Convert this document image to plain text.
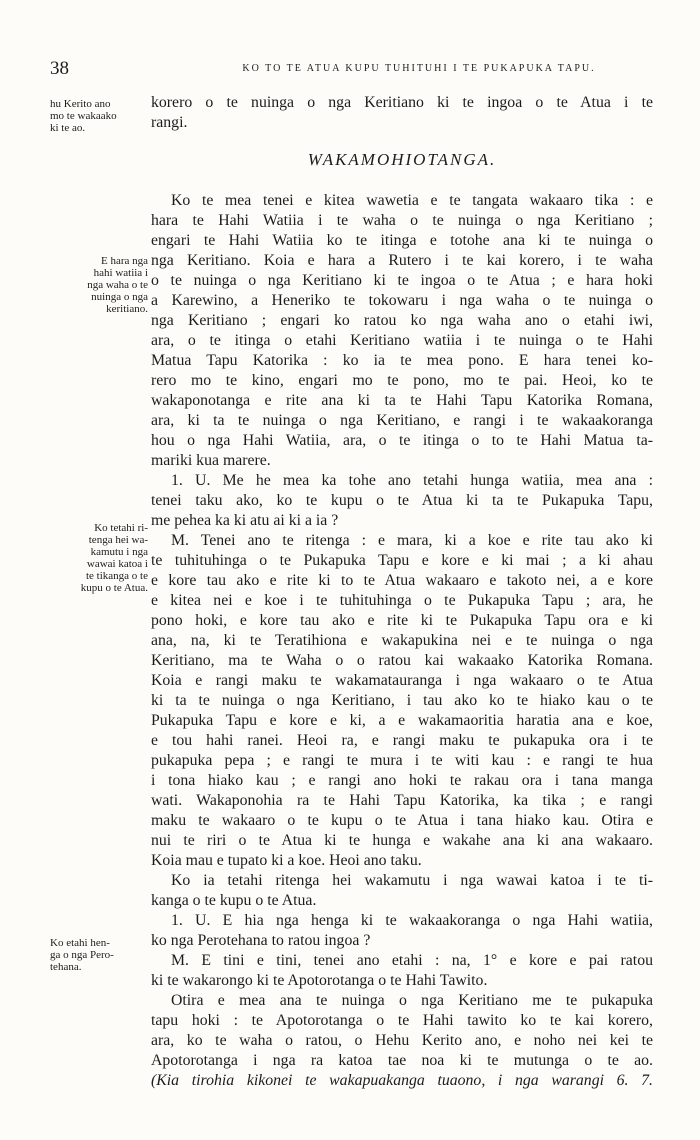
38	KO TO TE ATUA KUPU TUHITUHI I TE PUKAPUKA TAPU.
hu Kerito ano
mo te wakaako
ki te ao.
E hara nga
hahi watiia i
nga waha o te
nuinga o nga
keritiano.
Ko tetahi ri-
tenga hei wa-
kamutu i nga
wawai katoa i
te tikanga o te
kupu o te Atua.
Ko etahi hen-
ga o nga Pero-
tehana.
korero o te nuinga o nga Keritiano ki te ingoa o te Atua i te
rangi.
WAKAMOHIOTANGA.
Ko te mea tenei e kitea wawetia e te tangata wakaaro tika : e
hara te Hahi Watiia i te waha o te nuinga o nga Keritiano ;
engari te Hahi Watiia ko te itinga e totohe ana ki te nuinga o
nga Keritiano. Koia e hara a Rutero i te kai korero, i te waha
o te nuinga o nga Keritiano ki te ingoa o te Atua ; e hara hoki
a Karewino, a Heneriko te tokowaru i nga waha o te nuinga o
nga Keritiano ; engari ko ratou ko nga waha ano o etahi iwi,
ara, o te itinga o etahi Keritiano watiia i te nuinga o te Hahi
Matua Tapu Katorika : ko ia te mea pono. E hara tenei ko-
rero mo te kino, engari mo te pono, mo te pai. Heoi, ko te
wakaponotanga e rite ana ki ta te Hahi Tapu Katorika Romana,
ara, ki ta te nuinga o nga Keritiano, e rangi i te wakaakoranga
hou o nga Hahi Watiia, ara, o te itinga o to te Hahi Matua ta-
mariki kua marere.
1. U. Me he mea ka tohe ano tetahi hunga watiia, mea ana :
tenei taku ako, ko te kupu o te Atua ki ta te Pukapuka Tapu,
me pehea ka ki atu ai ki a ia ?
M. Tenei ano te ritenga : e mara, ki a koe e rite tau ako ki
te tuhituhinga o te Pukapuka Tapu e kore e ki mai ; a ki ahau
e kore tau ako e rite ki to te Atua wakaaro e takoto nei, a e kore
e kitea nei e koe i te tuhituhinga o te Pukapuka Tapu ; ara, he
pono hoki, e kore tau ako e rite ki te Pukapuka Tapu ora e ki
ana, na, ki te Teratihiona e wakapukina nei e te nuinga o nga
Keritiano, ma te Waha o o ratou kai wakaako Katorika Romana.
Koia e rangi maku te wakamatauranga i nga wakaaro o te Atua
ki ta te nuinga o nga Keritiano, i tau ako ko te hiako kau o te
Pukapuka Tapu e kore e ki, a e wakamaoritia haratia ana e koe,
e tou hahi ranei. Heoi ra, e rangi maku te pukapuka ora i te
pukapuka pepa ; e rangi te mura i te witi kau : e rangi te hua
i tona hiako kau ; e rangi ano hoki te rakau ora i tana manga
wati. Wakaponohia ra te Hahi Tapu Katorika, ka tika ; e rangi
maku te wakaaro o te kupu o te Atua i tana hiako kau. Otira e
nui te riri o te Atua ki te hunga e wakahe ana ki ana wakaaro.
Koia mau e tupato ki a koe. Heoi ano taku.
Ko ia tetahi ritenga hei wakamutu i nga wawai katoa i te ti-
kanga o te kupu o te Atua.
1. U. E hia nga henga ki te wakaakoranga o nga Hahi watiia,
ko nga Perotehana to ratou ingoa ?
M. E tini e tini, tenei ano etahi : na, 1° e kore e pai ratou
ki te wakarongo ki te Apotorotanga o te Hahi Tawito.
Otira e mea ana te nuinga o nga Keritiano me te pukapuka
tapu hoki : te Apotorotanga o te Hahi tawito ko te kai korero,
ara, ko te waha o ratou, o Hehu Kerito ano, e noho nei kei te
Apotorotanga i nga ra katoa tae noa ki te mutunga o te ao.
(Kia tirohia kikonei te wakapuakanga tuaono, i nga warangi 6. 7.
